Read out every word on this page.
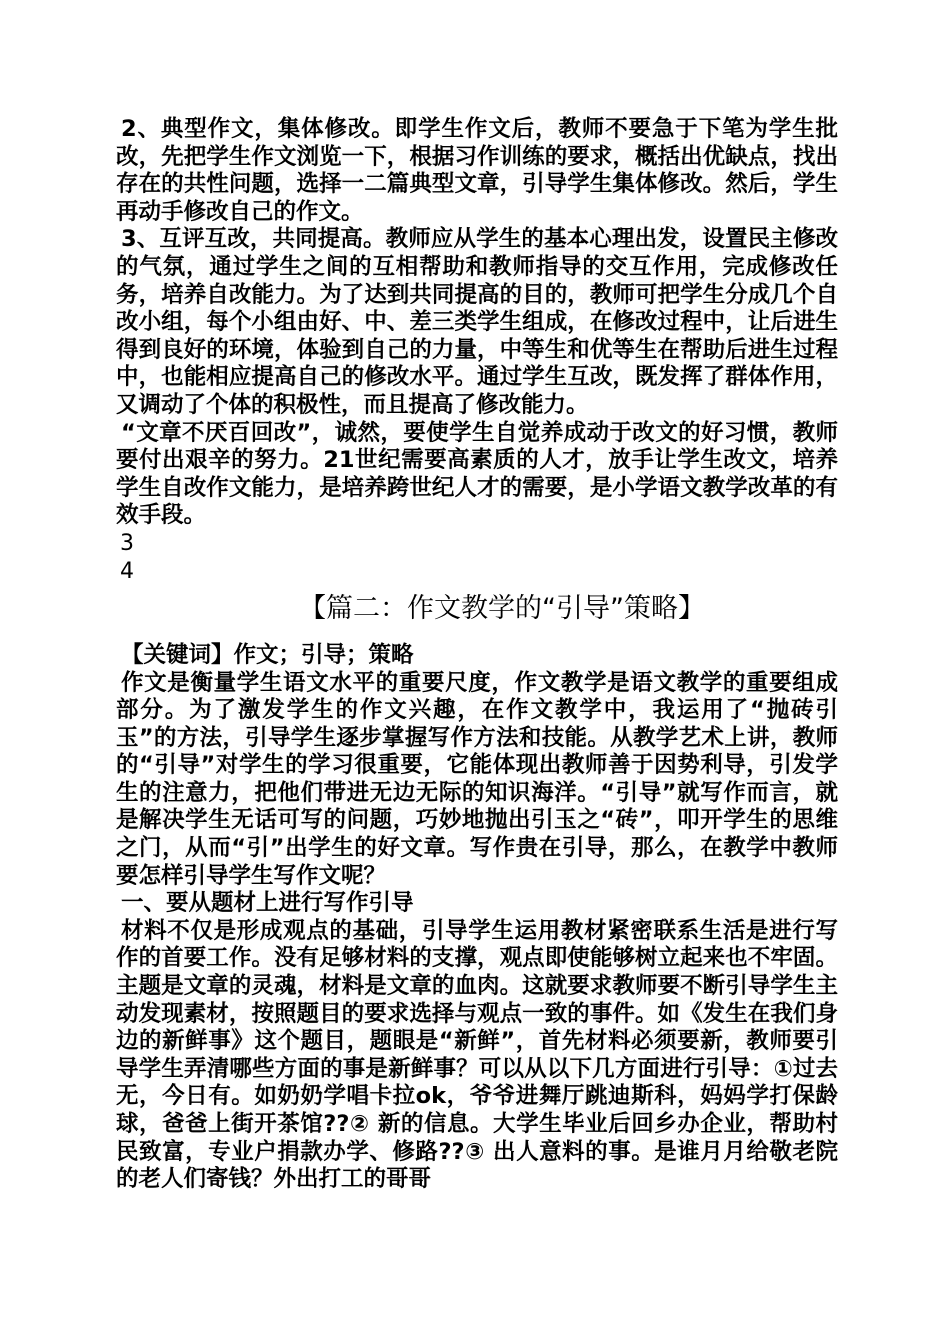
2、典型作文，集体修改。即学生作文后，教师不要急于下笔为学生批改，先把学生作文浏览一下，根据习作训练的要求，概括出优缺点，找出存在的共性问题，选择一二篇典型文章，引导学生集体修改。然后，学生再动手修改自己的作文。

3、互评互改，共同提高。教师应从学生的基本心理出发，设置民主修改的气氛，通过学生之间的互相帮助和教师指导的交互作用，完成修改任务，培养自改能力。为了达到共同提高的目的，教师可把学生分成几个自改小组，每个小组由好、中、差三类学生组成，在修改过程中，让后进生得到良好的环境，体验到自己的力量，中等生和优等生在帮助后进生过程中，也能相应提高自己的修改水平。通过学生互改，既发挥了群体作用，又调动了个体的积极性，而且提高了修改能力。

“文章不厌百回改”，诚然，要使学生自觉养成动于改文的好习惯，教师要付出艰辛的努力。21世纪需要高素质的人才，放手让学生改文，培养学生自改作文能力，是培养跨世纪人才的需要，是小学语文教学改革的有效手段。

3

4

【篇二：作文教学的“引导”策略】

【关键词】作文；引导；策略

作文是衡量学生语文水平的重要尺度，作文教学是语文教学的重要组成部分。为了激发学生的作文兴趣，在作文教学中，我运用了“抛砖引玉”的方法，引导学生逐步掌握写作方法和技能。从教学艺术上讲，教师的“引导”对学生的学习很重要，它能体现出教师善于因势利导，引发学生的注意力，把他们带进无边无际的知识海洋。“引导”就写作而言，就是解决学生无话可写的问题，巧妙地抛出引玉之“砖”，叩开学生的思维之门，从而“引”出学生的好文章。写作贵在引导，那么，在教学中教师要怎样引导学生写作文呢？

一、要从题材上进行写作引导

材料不仅是形成观点的基础，引导学生运用教材紧密联系生活是进行写作的首要工作。没有足够材料的支撑，观点即使能够树立起来也不牢固。主题是文章的灵魂，材料是文章的血肉。这就要求教师要不断引导学生主动发现素材，按照题目的要求选择与观点一致的事件。如《发生在我们身边的新鲜事》这个题目，题眼是“新鲜”，首先材料必须要新，教师要引导学生弄清哪些方面的事是新鲜事？可以从以下几方面进行引导：①过去无，今日有。如奶奶学唱卡拉ok，爷爷进舞厅跳迪斯科，妈妈学打保龄球，爸爸上街开茶馆??② 新的信息。大学生毕业后回乡办企业，帮助村民致富，专业户捐款办学、修路??③ 出人意料的事。是谁月月给敬老院的老人们寄钱？外出打工的哥哥
